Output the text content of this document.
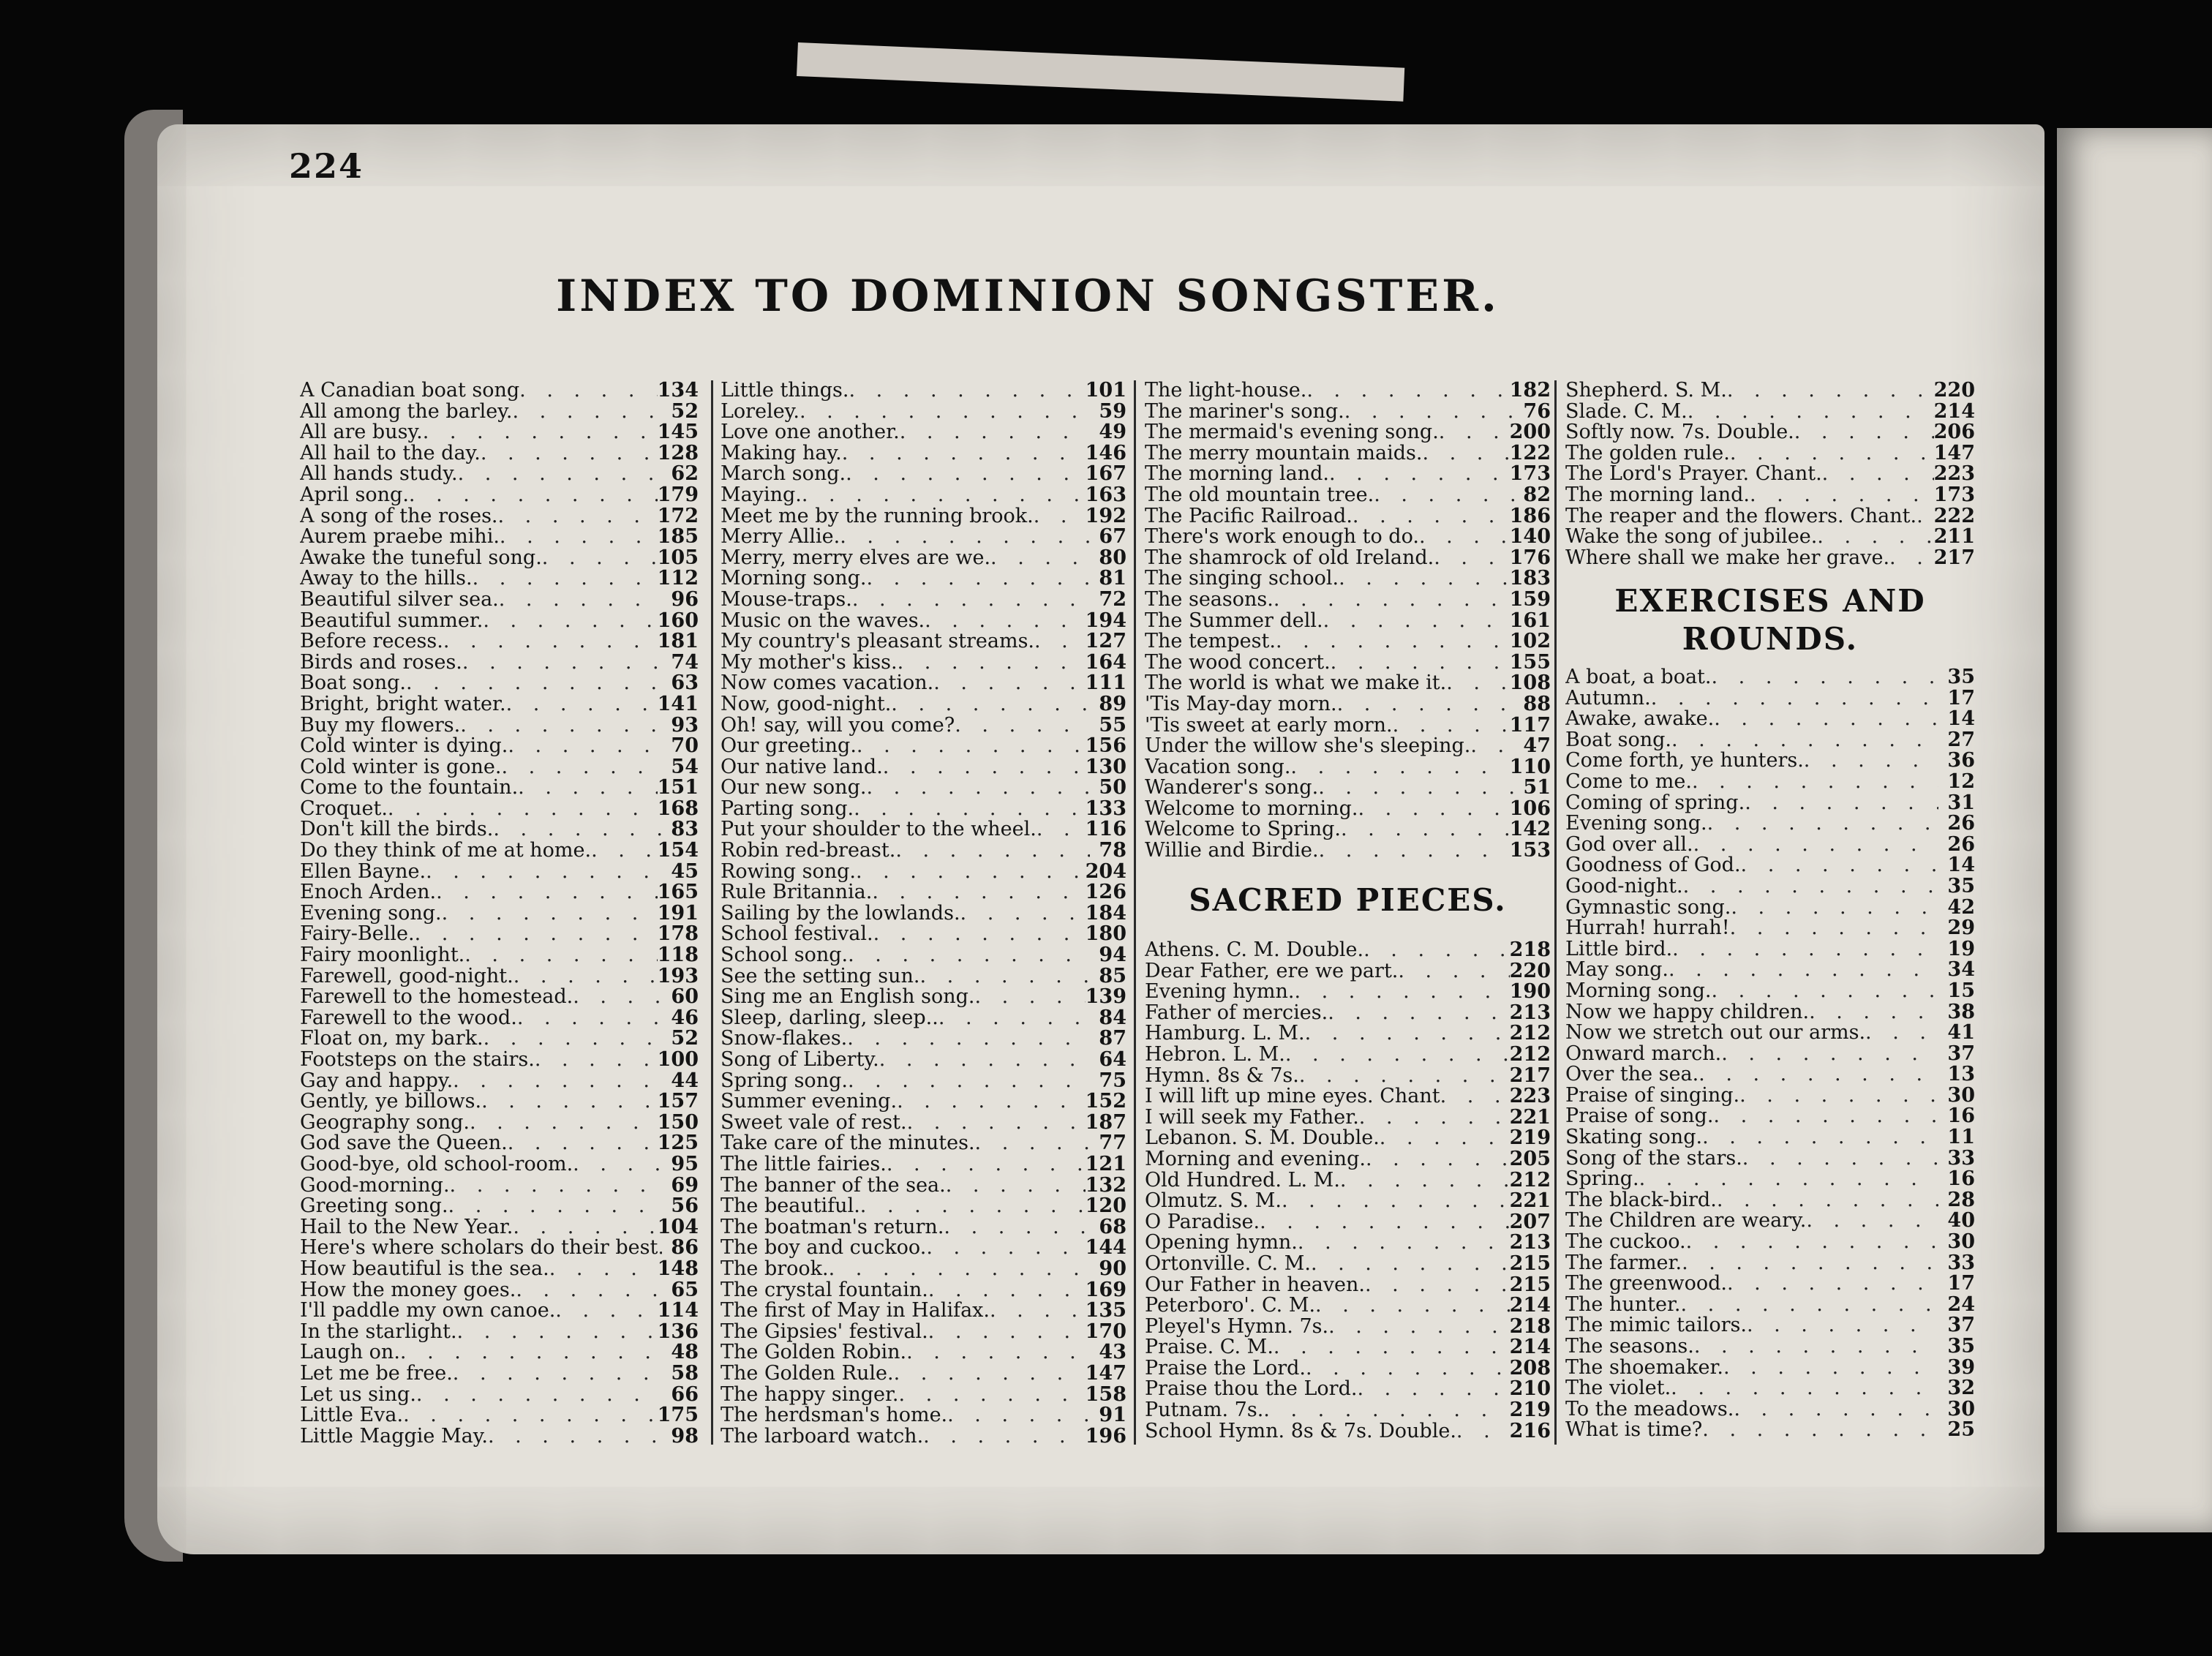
224
INDEX TO DOMINION SONGSTER.
A Canadian boat song . . .	134
All among the barley. . . .	52
All are busy. . . .	145
All hail to the day. . . .	128
All hands study. . . .	62
April song. . . .	179
A song of the roses. . . .	172
Aurem praebe mihi. . . .	185
Awake the tuneful song. . . .	105
Away to the hills. . . .	112
Beautiful silver sea. . . .	96
Beautiful summer. . . .	160
Before recess. . . .	181
Birds and roses. . . .	74
Boat song. . . .	63
Bright, bright water. . . .	141
Buy my flowers. . . .	93
Cold winter is dying. . . .	70
Cold winter is gone. . . .	54
Come to the fountain. . . .	151
Croquet. . . .	168
Don't kill the birds. . . .	83
Do they think of me at home. . . .	154
Ellen Bayne. . . .	45
Enoch Arden. . . .	165
Evening song. . . .	191
Fairy-Belle. . . .	178
Fairy moonlight. . . .	118
Farewell, good-night. . . .	193
Farewell to the homestead. . . .	60
Farewell to the wood. . . .	46
Float on, my bark. . . .	52
Footsteps on the stairs. . . .	100
Gay and happy. . . .	44
Gently, ye billows. . . .	157
Geography song. . . .	150
God save the Queen. . . .	125
Good-bye, old school-room. . . .	95
Good-morning. . . .	69
Greeting song. . . .	56
Hail to the New Year. . . .	104
Here's where scholars do their best . . . 86
How beautiful is the sea. . . .	148
How the money goes. . . .	65
I'll paddle my own canoe. . . .	114
In the starlight. . . .	136
Laugh on. . . .	48
Let me be free. . . .	58
Let us sing. . . .	66
Little Eva. . . .	175
Little Maggie May. . . .	98
Little things. . . .	101
Loreley. . . .	59
Love one another. . . .	49
Making hay. . . .	146
March song. . . .	167
Maying. . . .	163
Meet me by the running brook. . . .	192
Merry Allie. . . .	67
Merry, merry elves are we. . . .	80
Morning song. . . .	81
Mouse-traps. . . .	72
Music on the waves. . . .	194
My country's pleasant streams. . . .	127
My mother's kiss. . . .	164
Now comes vacation. . . .	111
Now, good-night. . . .	89
Oh! say, will you come? . . .	55
Our greeting. . . .	156
Our native land. . . .	130
Our new song. . . .	50
Parting song. . . .	133
Put your shoulder to the wheel. . . . 116
Robin red-breast. . . .	78
Rowing song. . . .	204
Rule Britannia. . . .	126
Sailing by the lowlands. . . .	184
School festival. . . .	180
School song. . . .	94
See the setting sun. . . .	85
Sing me an English song. . . .	139
Sleep, darling, sleep.. . . .	84
Snow-flakes. . . .	87
Song of Liberty. . . .	64
Spring song. . . .	75
Summer evening. . . .	152
Sweet vale of rest. . . .	187
Take care of the minutes. . . .	77
The little fairies. . . .	121
The banner of the sea. . . .	132
The beautiful. . . .	120
The boatman's return. . . .	68
The boy and cuckoo. . . .	144
The brook. . . .	90
The crystal fountain. . . .	169
The first of May in Halifax. . . .	135
The Gipsies' festival. . . .	170
The Golden Robin. . . .	43
The Golden Rule. . . .	147
The happy singer. . . .	158
The herdsman's home. . . .	91
The larboard watch. . . .	196
The light-house. . . .	182
The mariner's song. . . .	76
The mermaid's evening song. . . .	200
The merry mountain maids. . . .	122
The morning land. . . .	173
The old mountain tree. . . .	82
The Pacific Railroad. . . .	186
There's work enough to do. . . .	140
The shamrock of old Ireland. . . .	176
The singing school. . . .	183
The seasons. . . .	159
The Summer dell. . . .	161
The tempest. . . .	102
The wood concert. . . .	155
The world is what we make it. . . .	108
'Tis May-day morn. . . .	88
'Tis sweet at early morn. . . .	117
Under the willow she's sleeping. . . .	47
Vacation song. . . .	110
Wanderer's song. . . .	51
Welcome to morning. . . .	106
Welcome to Spring. . . .	142
Willie and Birdie. . . .	153
SACRED PIECES.
Athens. C. M. Double. . . .	218
Dear Father, ere we part. . . .	220
Evening hymn. . . .	190
Father of mercies. . . .	213
Hamburg. L. M. . . .	212
Hebron. L. M. . . .	212
Hymn. 8s & 7s. . . .	217
I will lift up mine eyes. Chant . . .	223
I will seek my Father. . . .	221
Lebanon. S. M. Double. . . .	219
Morning and evening. . . .	205
Old Hundred. L. M. . . .	212
Olmutz. S. M. . . .	221
O Paradise. . . .	207
Opening hymn. . . .	213
Ortonville. C. M. . . .	215
Our Father in heaven. . . .	215
Peterboro'. C. M. . . .	214
Pleyel's Hymn. 7s. . . .	218
Praise. C. M. . . .	214
Praise the Lord. . . .	208
Praise thou the Lord. . . .	210
Putnam. 7s. . . .	219
School Hymn. 8s & 7s. Double. . . .	216
Shepherd. S. M. . . .	220
Slade. C. M. . . .	214
Softly now. 7s. Double. . . .	206
The golden rule. . . .	147
The Lord's Prayer. Chant. . . .	223
The morning land. . . .	173
The reaper and the flowers. Chant. . . . 222
Wake the song of jubilee. . . .	211
Where shall we make her grave. . . . 217
EXERCISES AND
ROUNDS.
A boat, a boat. . . .	35
Autumn. . . .	17
Awake, awake. . . .	14
Boat song. . . .	27
Come forth, ye hunters. . . .	36
Come to me. . . .	12
Coming of spring. . . .	31
Evening song. . . .	26
God over all. . . .	26
Goodness of God. . . .	14
Good-night. . . .	35
Gymnastic song. . . .	42
Hurrah! hurrah! . . .	29
Little bird. . . .	19
May song. . . .	34
Morning song. . . .	15
Now we happy children. . . .	38
Now we stretch out our arms. . . .	41
Onward march. . . .	37
Over the sea. . . .	13
Praise of singing. . . .	30
Praise of song. . . .	16
Skating song. . . .	11
Song of the stars. . . .	33
Spring. . . .	16
The black-bird. . . .	28
The Children are weary. . . .	40
The cuckoo. . . .	30
The farmer. . . .	33
The greenwood. . . .	17
The hunter. . . .	24
The mimic tailors. . . .	37
The seasons. . . .	35
The shoemaker. . . .	39
The violet. . . .	32
To the meadows. . . .	30
What is time? . . .	25
